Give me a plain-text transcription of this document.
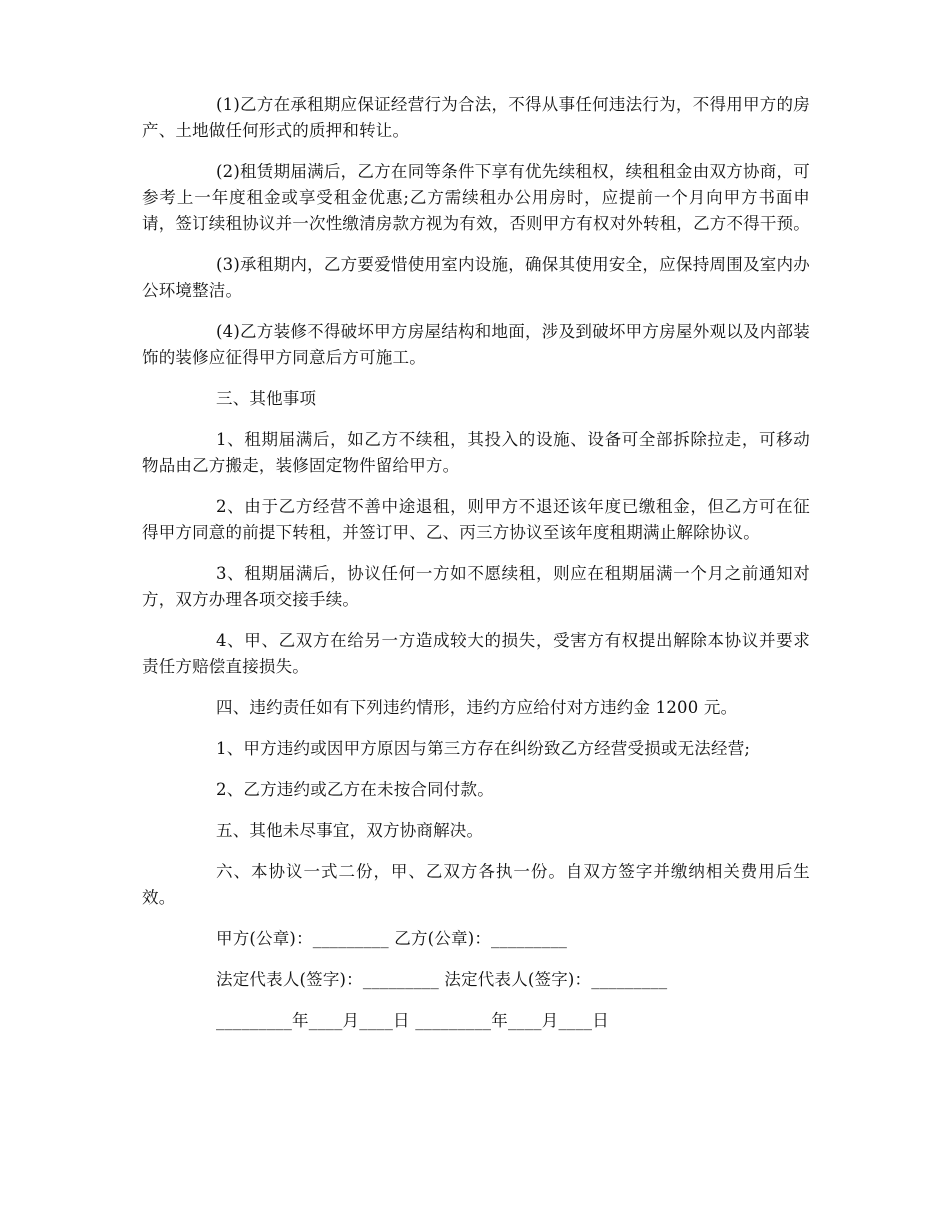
(1)乙方在承租期应保证经营行为合法，不得从事任何违法行为，不得用甲方的房产、土地做任何形式的质押和转让。

(2)租赁期届满后，乙方在同等条件下享有优先续租权，续租租金由双方协商，可参考上一年度租金或享受租金优惠;乙方需续租办公用房时，应提前一个月向甲方书面申请，签订续租协议并一次性缴清房款方视为有效，否则甲方有权对外转租，乙方不得干预。

(3)承租期内，乙方要爱惜使用室内设施，确保其使用安全，应保持周围及室内办公环境整洁。

(4)乙方装修不得破坏甲方房屋结构和地面，涉及到破坏甲方房屋外观以及内部装饰的装修应征得甲方同意后方可施工。

三、其他事项

1、租期届满后，如乙方不续租，其投入的设施、设备可全部拆除拉走，可移动物品由乙方搬走，装修固定物件留给甲方。

2、由于乙方经营不善中途退租，则甲方不退还该年度已缴租金，但乙方可在征得甲方同意的前提下转租，并签订甲、乙、丙三方协议至该年度租期满止解除协议。

3、租期届满后，协议任何一方如不愿续租，则应在租期届满一个月之前通知对方，双方办理各项交接手续。

4、甲、乙双方在给另一方造成较大的损失，受害方有权提出解除本协议并要求责任方赔偿直接损失。

四、违约责任如有下列违约情形，违约方应给付对方违约金 1200 元。

1、甲方违约或因甲方原因与第三方存在纠纷致乙方经营受损或无法经营;

2、乙方违约或乙方在未按合同付款。

五、其他未尽事宜，双方协商解决。

六、本协议一式二份，甲、乙双方各执一份。自双方签字并缴纳相关费用后生效。

甲方(公章)：_________ 乙方(公章)：_________

法定代表人(签字)：_________ 法定代表人(签字)：_________

_________年____月____日 _________年____月____日
